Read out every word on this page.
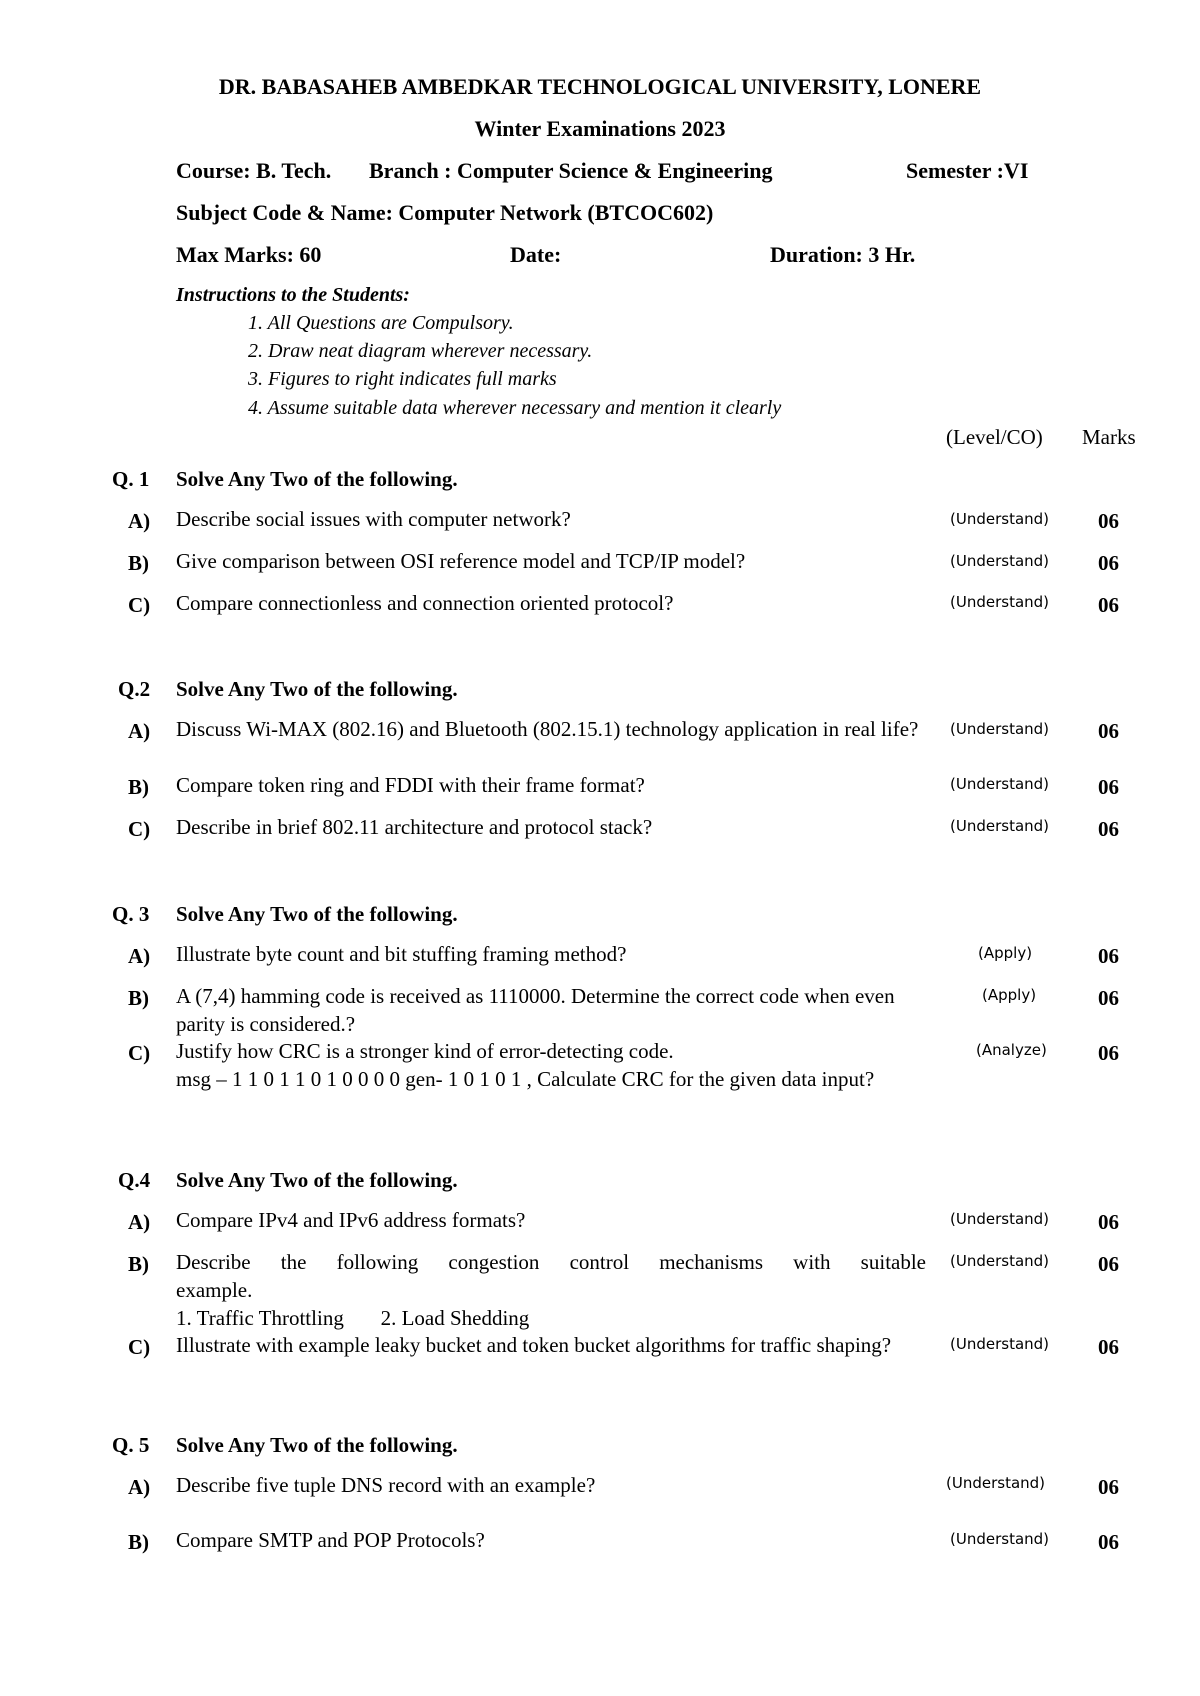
DR. BABASAHEB AMBEDKAR TECHNOLOGICAL UNIVERSITY, LONERE
Winter Examinations 2023
Course: B. Tech. Branch : Computer Science & Engineering	Semester :VI
Subject Code & Name: Computer Network (BTCOC602)
Max Marks: 60	Date:	Duration: 3 Hr.
Instructions to the Students:
1. All Questions are Compulsory.
2. Draw neat diagram wherever necessary.
3. Figures to right indicates full marks
4. Assume suitable data wherever necessary and mention it clearly
(Level/CO) Marks
Q. 1 Solve Any Two of the following.
A) Describe social issues with computer network?	(Understand) 06
B) Give comparison between OSI reference model and TCP/IP model?	(Understand) 06
C) Compare connectionless and connection oriented protocol?	(Understand) 06
Q.2 Solve Any Two of the following.
A) Discuss Wi-MAX (802.16) and Bluetooth (802.15.1) technology application in real life?	(Understand) 06
B) Compare token ring and FDDI with their frame format?	(Understand) 06
C) Describe in brief 802.11 architecture and protocol stack?	(Understand) 06
Q. 3 Solve Any Two of the following.
A) Illustrate byte count and bit stuffing framing method?	(Apply)	06
B) A (7,4) hamming code is received as 1110000. Determine the correct code when even parity is considered.?
(Apply)	06
C) Justify how CRC is a stronger kind of error-detecting code.
msg – 1 1 0 1 1 0 1 0 0 0 0 gen- 1 0 1 0 1 , Calculate CRC for the given data input?
(Analyze) 06
Q.4 Solve Any Two of the following.
A) Compare IPv4 and IPv6 address formats?	(Understand) 06
B) Describe the following congestion control mechanisms with suitable
example.
1. Traffic Throttling       2. Load Shedding
(Understand) 06
C) Illustrate with example leaky bucket and token bucket algorithms for traffic shaping?	(Understand) 06
Q. 5 Solve Any Two of the following.
A) Describe five tuple DNS record with an example?	(Understand)	06
B) Compare SMTP and POP Protocols?	(Understand) 06
